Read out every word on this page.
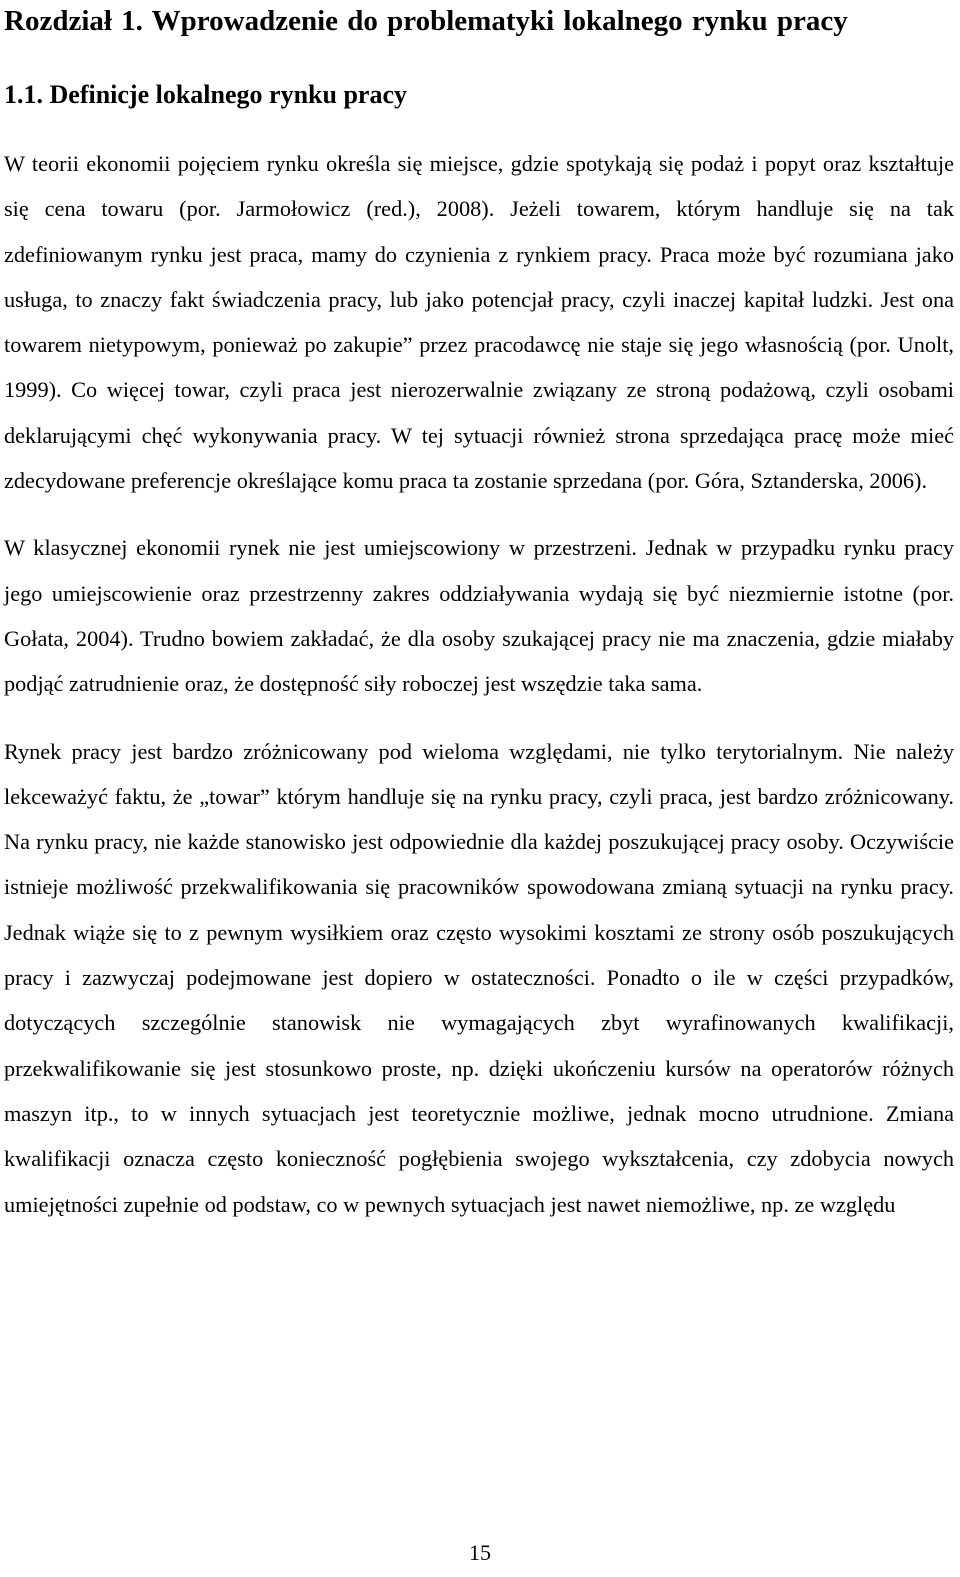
Rozdział 1. Wprowadzenie do problematyki lokalnego rynku pracy
1.1. Definicje lokalnego rynku pracy

W teorii ekonomii pojęciem rynku określa się miejsce, gdzie spotykają się podaż i popyt oraz kształtuje się cena towaru (por. Jarmołowicz (red.), 2008). Jeżeli towarem, którym handluje się na tak zdefiniowanym rynku jest praca, mamy do czynienia z rynkiem pracy. Praca może być rozumiana jako usługa, to znaczy fakt świadczenia pracy, lub jako potencjał pracy, czyli inaczej kapitał ludzki. Jest ona towarem nietypowym, ponieważ po zakupie” przez pracodawcę nie staje się jego własnością (por. Unolt, 1999). Co więcej towar, czyli praca jest nierozerwalnie związany ze stroną podażową, czyli osobami deklarującymi chęć wykonywania pracy. W tej sytuacji również strona sprzedająca pracę może mieć zdecydowane preferencje określające komu praca ta zostanie sprzedana (por. Góra, Sztanderska, 2006).

W klasycznej ekonomii rynek nie jest umiejscowiony w przestrzeni. Jednak w przypadku rynku pracy jego umiejscowienie oraz przestrzenny zakres oddziaływania wydają się być niezmiernie istotne (por. Gołata, 2004). Trudno bowiem zakładać, że dla osoby szukającej pracy nie ma znaczenia, gdzie miałaby podjąć zatrudnienie oraz, że dostępność siły roboczej jest wszędzie taka sama.

Rynek pracy jest bardzo zróżnicowany pod wieloma względami, nie tylko terytorialnym. Nie należy lekceważyć faktu, że „towar” którym handluje się na rynku pracy, czyli praca, jest bardzo zróżnicowany. Na rynku pracy, nie każde stanowisko jest odpowiednie dla każdej poszukującej pracy osoby. Oczywiście istnieje możliwość przekwalifikowania się pracowników spowodowana zmianą sytuacji na rynku pracy. Jednak wiąże się to z pewnym wysiłkiem oraz często wysokimi kosztami ze strony osób poszukujących pracy i zazwyczaj podejmowane jest dopiero w ostateczności. Ponadto o ile w części przypadków, dotyczących szczególnie stanowisk nie wymagających zbyt wyrafinowanych kwalifikacji, przekwalifikowanie się jest stosunkowo proste, np. dzięki ukończeniu kursów na operatorów różnych maszyn itp., to w innych sytuacjach jest teoretycznie możliwe, jednak mocno utrudnione. Zmiana kwalifikacji oznacza często konieczność pogłębienia swojego wykształcenia, czy zdobycia nowych umiejętności zupełnie od podstaw, co w pewnych sytuacjach jest nawet niemożliwe, np. ze względu

15
